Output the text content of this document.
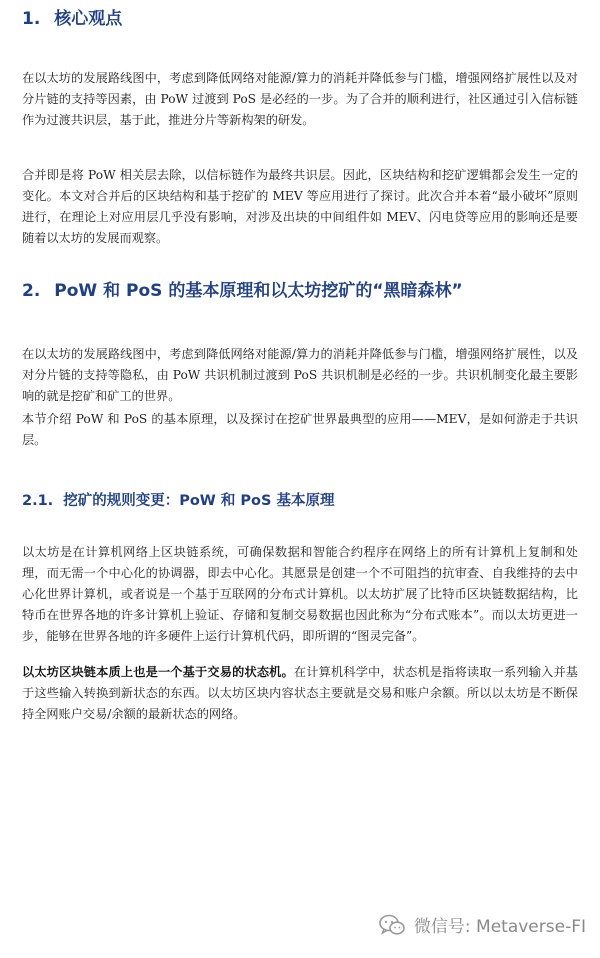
1. 核心观点
在以太坊的发展路线图中，考虑到降低网络对能源/算力的消耗并降低参与门槛，增强网络扩展性以及对分片链的支持等因素，由 PoW 过渡到 PoS 是必经的一步。为了合并的顺利进行，社区通过引入信标链作为过渡共识层，基于此，推进分片等新构架的研发。
合并即是将 PoW 相关层去除，以信标链作为最终共识层。因此，区块结构和挖矿逻辑都会发生一定的变化。本文对合并后的区块结构和基于挖矿的 MEV 等应用进行了探讨。此次合并本着“最小破坏”原则进行，在理论上对应用层几乎没有影响，对涉及出块的中间组件如 MEV、闪电贷等应用的影响还是要随着以太坊的发展而观察。
2. PoW 和 PoS 的基本原理和以太坊挖矿的“黑暗森林”
在以太坊的发展路线图中，考虑到降低网络对能源/算力的消耗并降低参与门槛，增强网络扩展性，以及对分片链的支持等隐私，由 PoW 共识机制过渡到 PoS 共识机制是必经的一步。共识机制变化最主要影响的就是挖矿和矿工的世界。
本节介绍 PoW 和 PoS 的基本原理，以及探讨在挖矿世界最典型的应用——MEV，是如何游走于共识层。
2.1. 挖矿的规则变更：PoW 和 PoS 基本原理
以太坊是在计算机网络上区块链系统，可确保数据和智能合约程序在网络上的所有计算机上复制和处理，而无需一个中心化的协调器，即去中心化。其愿景是创建一个不可阻挡的抗审查、自我维持的去中心化世界计算机，或者说是一个基于互联网的分布式计算机。以太坊扩展了比特币区块链数据结构，比特币在世界各地的许多计算机上验证、存储和复制交易数据也因此称为“分布式账本”。而以太坊更进一步，能够在世界各地的许多硬件上运行计算机代码，即所谓的“图灵完备”。
以太坊区块链本质上也是一个基于交易的状态机。在计算机科学中，状态机是指将读取一系列输入并基于这些输入转换到新状态的东西。以太坊区块内容状态主要就是交易和账户余额。所以以太坊是不断保持全网账户交易/余额的最新状态的网络。
微信号: Metaverse-FI
